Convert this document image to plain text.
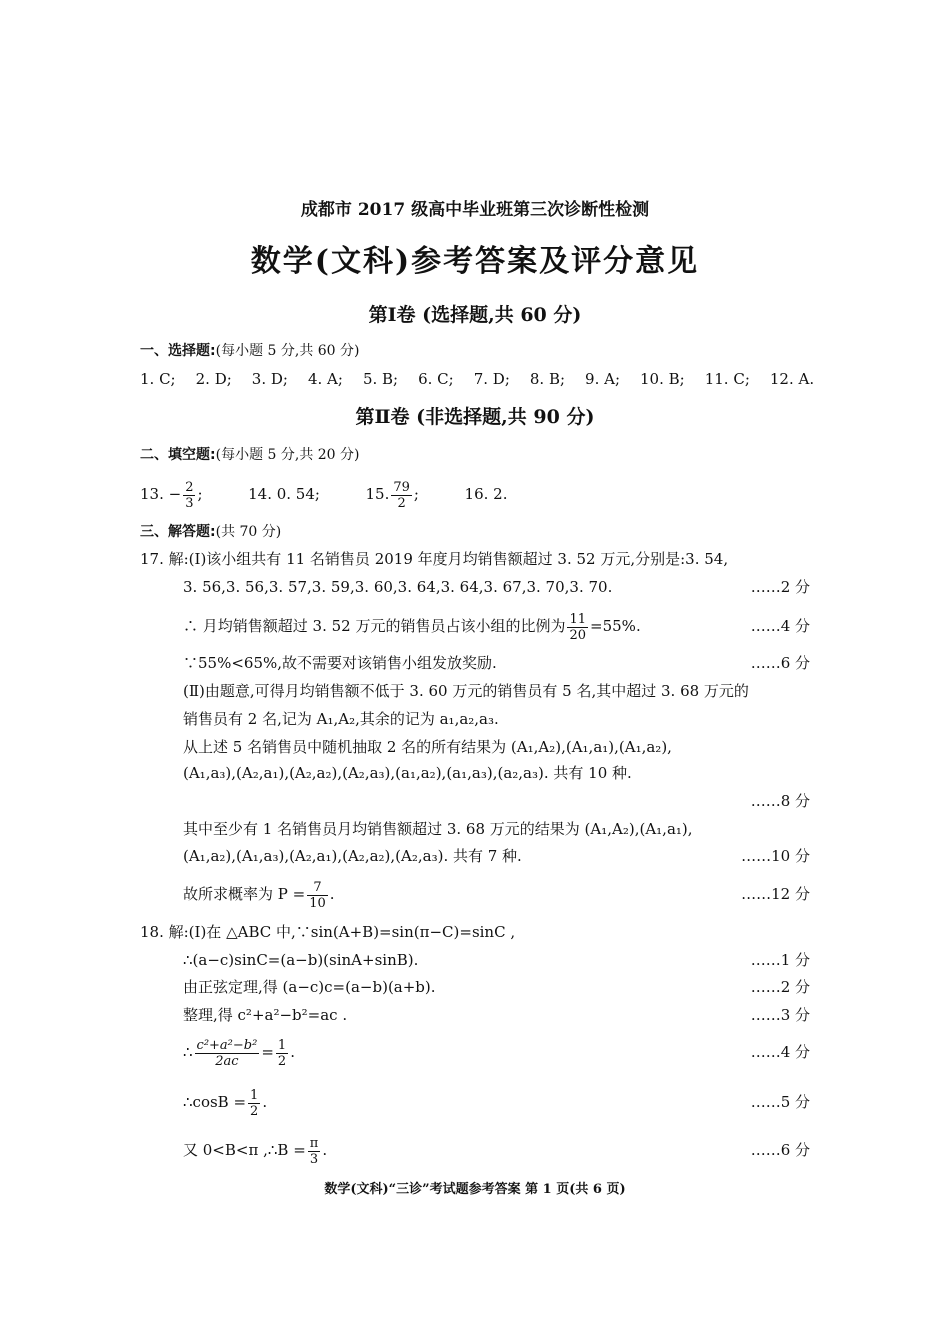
成都市 2017 级高中毕业班第三次诊断性检测
数学(文科)参考答案及评分意见
第Ⅰ卷 (选择题,共 60 分)
一、选择题:(每小题 5 分,共 60 分)
1. C; 2. D; 3. D; 4. A; 5. B; 6. C; 7. D; 8. B; 9. A; 10. B; 11. C; 12. A.
第Ⅱ卷 (非选择题,共 90 分)
二、填空题:(每小题 5 分,共 20 分)
13. − $\frac{2}{3}$ ;	14. 0. 54;	15. $\frac{79}{2}$ ;	16. 2.
三、解答题:(共 70 分)
17. 解:(Ⅰ)该小组共有 11 名销售员 2019 年度月均销售额超过 3. 52 万元,分别是:3. 54,
3. 56,3. 56,3. 57,3. 59,3. 60,3. 64,3. 64,3. 67,3. 70,3. 70.	……2 分
∴ 月均销售额超过 3. 52 万元的销售员占该小组的比例为 $\frac{11}{20} =55\%$.	……4 分
∵55%<65%,故不需要对该销售小组发放奖励.	……6 分
(Ⅱ)由题意,可得月均销售额不低于 3. 60 万元的销售员有 5 名,其中超过 3. 68 万元的
销售员有 2 名,记为 A₁,A₂,其余的记为 a₁,a₂,a₃.
从上述 5 名销售员中随机抽取 2 名的所有结果为 (A₁,A₂),(A₁,a₁),(A₁,a₂),
(A₁,a₃),(A₂,a₁),(A₂,a₂),(A₂,a₃),(a₁,a₂),(a₁,a₃),(a₂,a₃). 共有 10 种.
……8 分
其中至少有 1 名销售员月均销售额超过 3. 68 万元的结果为 (A₁,A₂),(A₁,a₁),
(A₁,a₂),(A₁,a₃),(A₂,a₁),(A₂,a₂),(A₂,a₃). 共有 7 种.	……10 分
故所求概率为 $P = \frac{7}{10}$ .	……12 分
18. 解:(Ⅰ)在 △ABC 中,∵sin(A+B)=sin(π−C)=sinC ,
∴(a−c)sinC=(a−b)(sinA+sinB).	……1 分
由正弦定理,得 (a−c)c=(a−b)(a+b).	……2 分
整理,得 c²+a²−b²=ac .	……3 分
∴ $\frac{\text{c²+a²−b²}}{2ac} = \frac{1}{2}$ .	……4 分
∴cosB = $\frac{1}{2}$ .	……5 分
又 0<B<π ,∴B = $\frac{\pi}{3}$ .	……6 分
数学(文科)“三诊”考试题参考答案 第 1 页(共 6 页)
